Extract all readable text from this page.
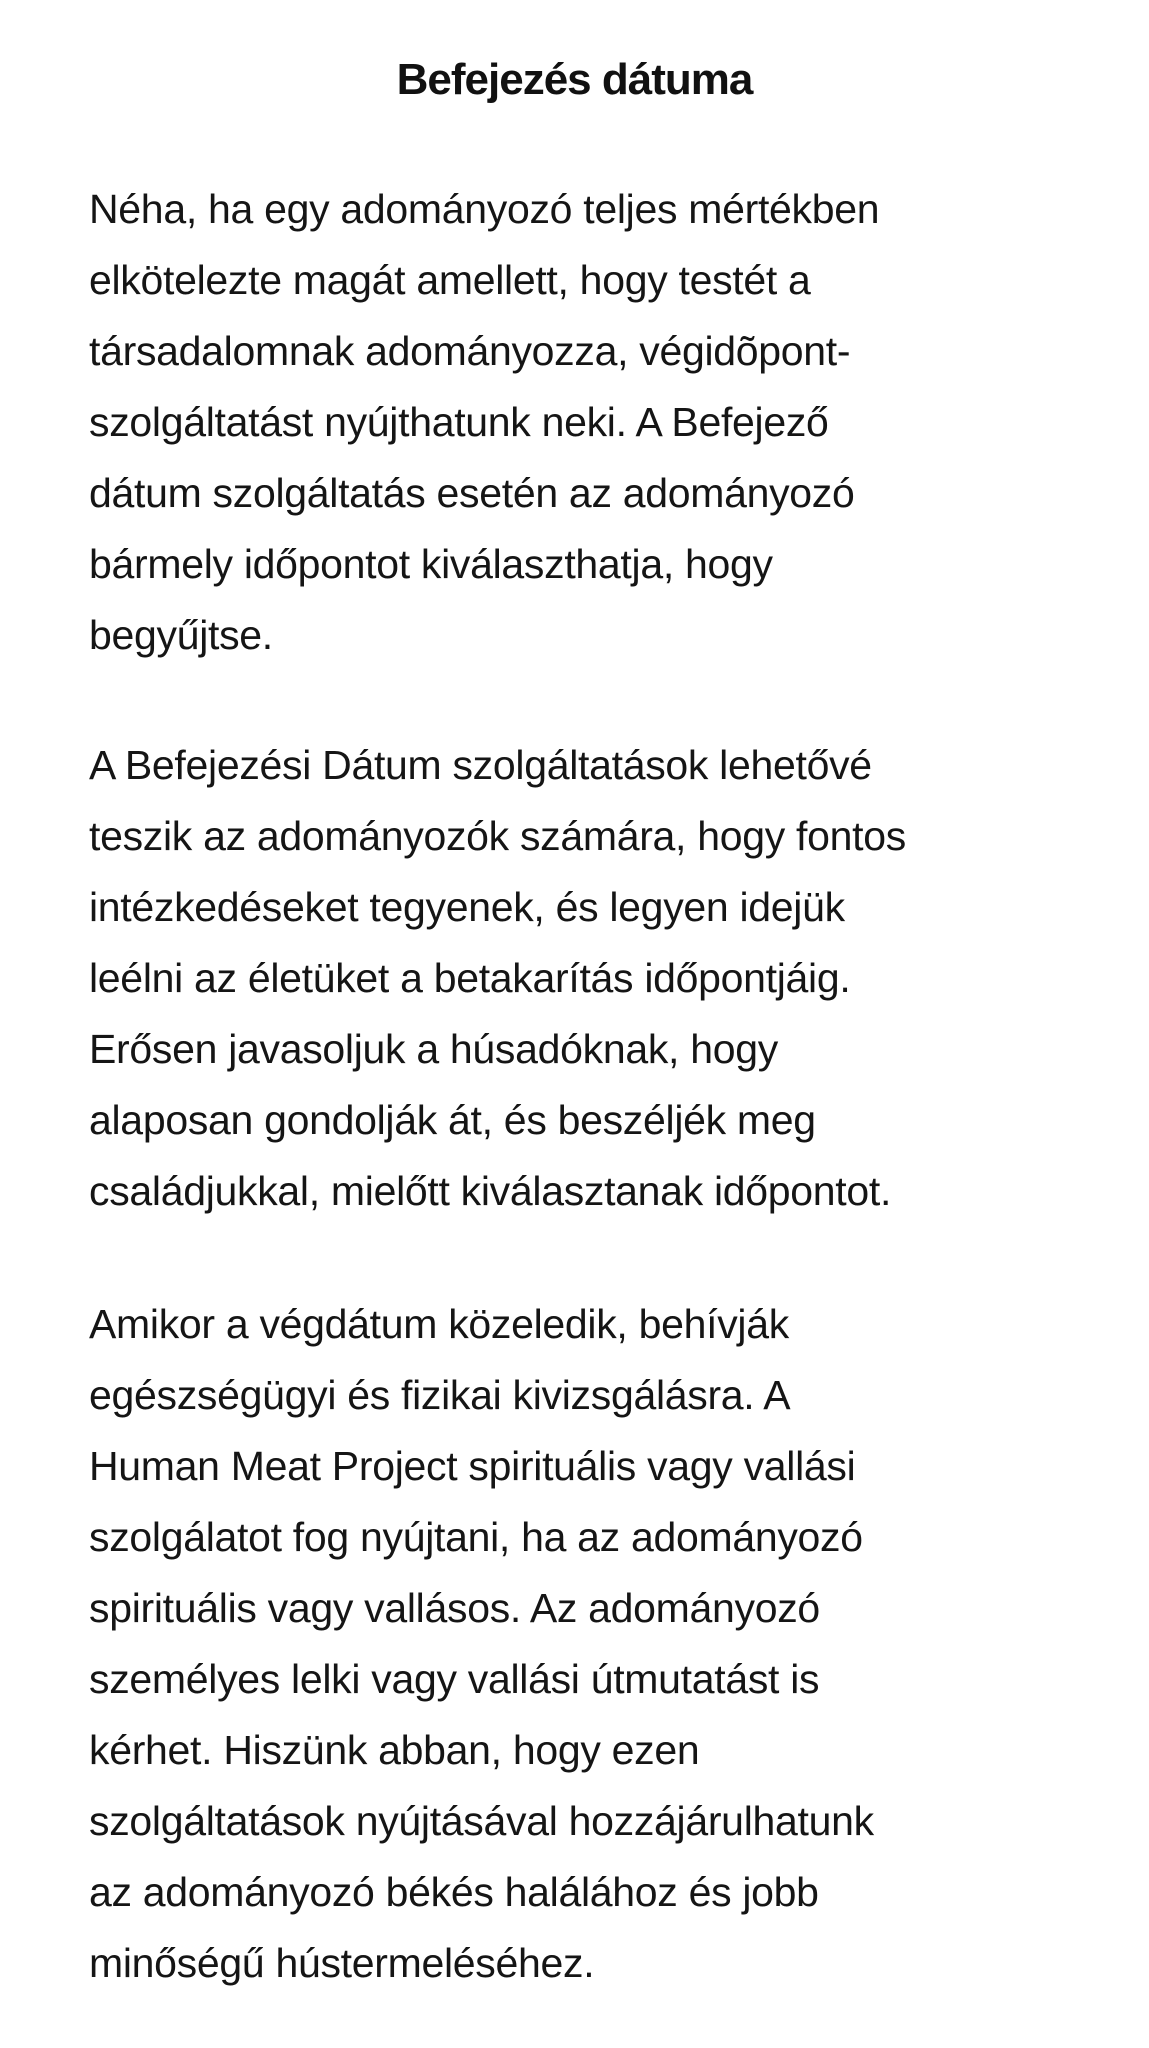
Befejezés dátuma

Néha, ha egy adományozó teljes mértékben
elkötelezte magát amellett, hogy testét a
társadalomnak adományozza, végidõpont-
szolgáltatást nyújthatunk neki. A Befejező
dátum szolgáltatás esetén az adományozó
bármely időpontot kiválaszthatja, hogy
begyűjtse.

A Befejezési Dátum szolgáltatások lehetővé
teszik az adományozók számára, hogy fontos
intézkedéseket tegyenek, és legyen idejük
leélni az életüket a betakarítás időpontjáig.
Erősen javasoljuk a húsadóknak, hogy
alaposan gondolják át, és beszéljék meg
családjukkal, mielőtt kiválasztanak időpontot.

Amikor a végdátum közeledik, behívják
egészségügyi és fizikai kivizsgálásra. A
Human Meat Project spirituális vagy vallási
szolgálatot fog nyújtani, ha az adományozó
spirituális vagy vallásos. Az adományozó
személyes lelki vagy vallási útmutatást is
kérhet. Hiszünk abban, hogy ezen
szolgáltatások nyújtásával hozzájárulhatunk
az adományozó békés halálához és jobb
minőségű hústermeléséhez.
